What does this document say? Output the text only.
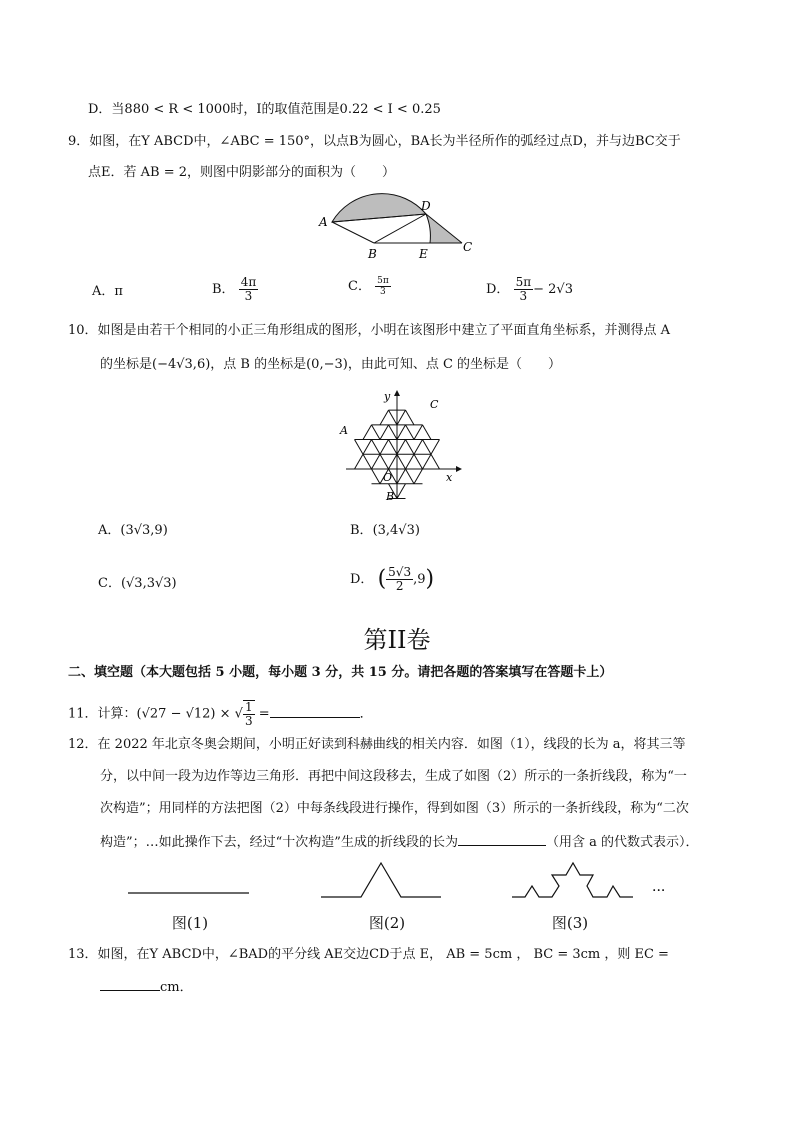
D．当880 < R < 1000时，I的取值范围是0.22 < I < 0.25
9．如图，在Y ABCD中，∠ABC = 150°，以点B为圆心，BA长为半径所作的弧经过点D，并与边BC交于
点E．若 AB = 2，则图中阴影部分的面积为（　　）
A
D
B	E	C
A．π	B． $\frac{4\pi}{3}$	C． $\frac{5\pi}{3}$	D． $\frac{5\pi}{3} - 2√3$
10．如图是由若干个相同的小正三角形组成的图形，小明在该图形中建立了平面直角坐标系，并测得点 A
的坐标是(−4√3,6)，点 B 的坐标是(0,−3)，由此可知、点 C 的坐标是（　　）
y
x
O
A
C
B
A．(3√3,9)	B．(3,4√3)
C．(√3,3√3)	D． ( $\frac{5√3}{2} ,9$)
第II卷
二、填空题（本大题包括 5 小题，每小题 3 分，共 15 分。请把各题的答案填写在答题卡上）
11．计算：(√27 − √12) × √ $\frac{1}{3}$ =	．
12．在 2022 年北京冬奥会期间，小明正好读到科赫曲线的相关内容．如图（1），线段的长为 a，将其三等
分，以中间一段为边作等边三角形．再把中间这段移去，生成了如图（2）所示的一条折线段，称为“一
次构造”；用同样的方法把图（2）中每条线段进行操作，得到如图（3）所示的一条折线段，称为“二次
构造”；…如此操作下去，经过“十次构造”生成的折线段的长为	（用含 a 的代数式表示）．
···
图(1)	图(2)	图(3)
13．如图，在Y ABCD中，∠BAD的平分线 AE交边CD于点 E， AB = 5cm ， BC = 3cm ，则 EC =
cm．
